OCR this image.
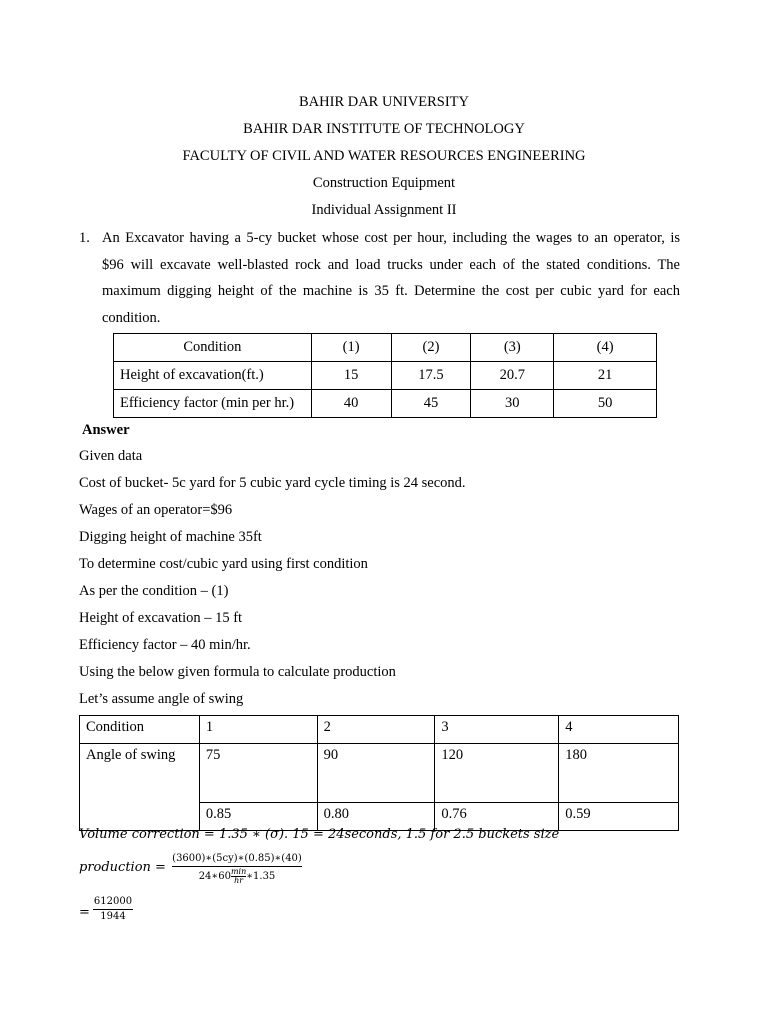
BAHIR DAR UNIVERSITY
BAHIR DAR INSTITUTE OF TECHNOLOGY
FACULTY OF CIVIL AND WATER RESOURCES ENGINEERING
Construction Equipment
Individual Assignment II
1. An Excavator having a 5-cy bucket whose cost per hour, including the wages to an operator, is
$96 will excavate well-blasted rock and load trucks under each of the stated conditions. The
maximum digging height of the machine is 35 ft. Determine the cost per cubic yard for each
condition.
Condition	(1)	(2)	(3)	(4)
Height of excavation(ft.)	15	17.5	20.7	21
Efficiency factor (min per hr.)	40	45	30	50
Answer
Given data
Cost of bucket- 5c yard for 5 cubic yard cycle timing is 24 second.
Wages of an operator=$96
Digging height of machine 35ft
To determine cost/cubic yard using first condition
As per the condition – (1)
Height of excavation – 15 ft
Efficiency factor – 40 min/hr.
Using the below given formula to calculate production
Let’s assume angle of swing
Condition	1	2	3	4
Angle of swing	75	90	120	180
	0.85	0.80	0.76	0.59
Volume correction = 1.35 ∗ (σ). 15 = 24seconds, 1.5 for 2.5 buckets size
production =
(3600)∗(5cy)∗(0.85)∗(40)
24∗60 min
hr ∗1.35
=
612000
1944
